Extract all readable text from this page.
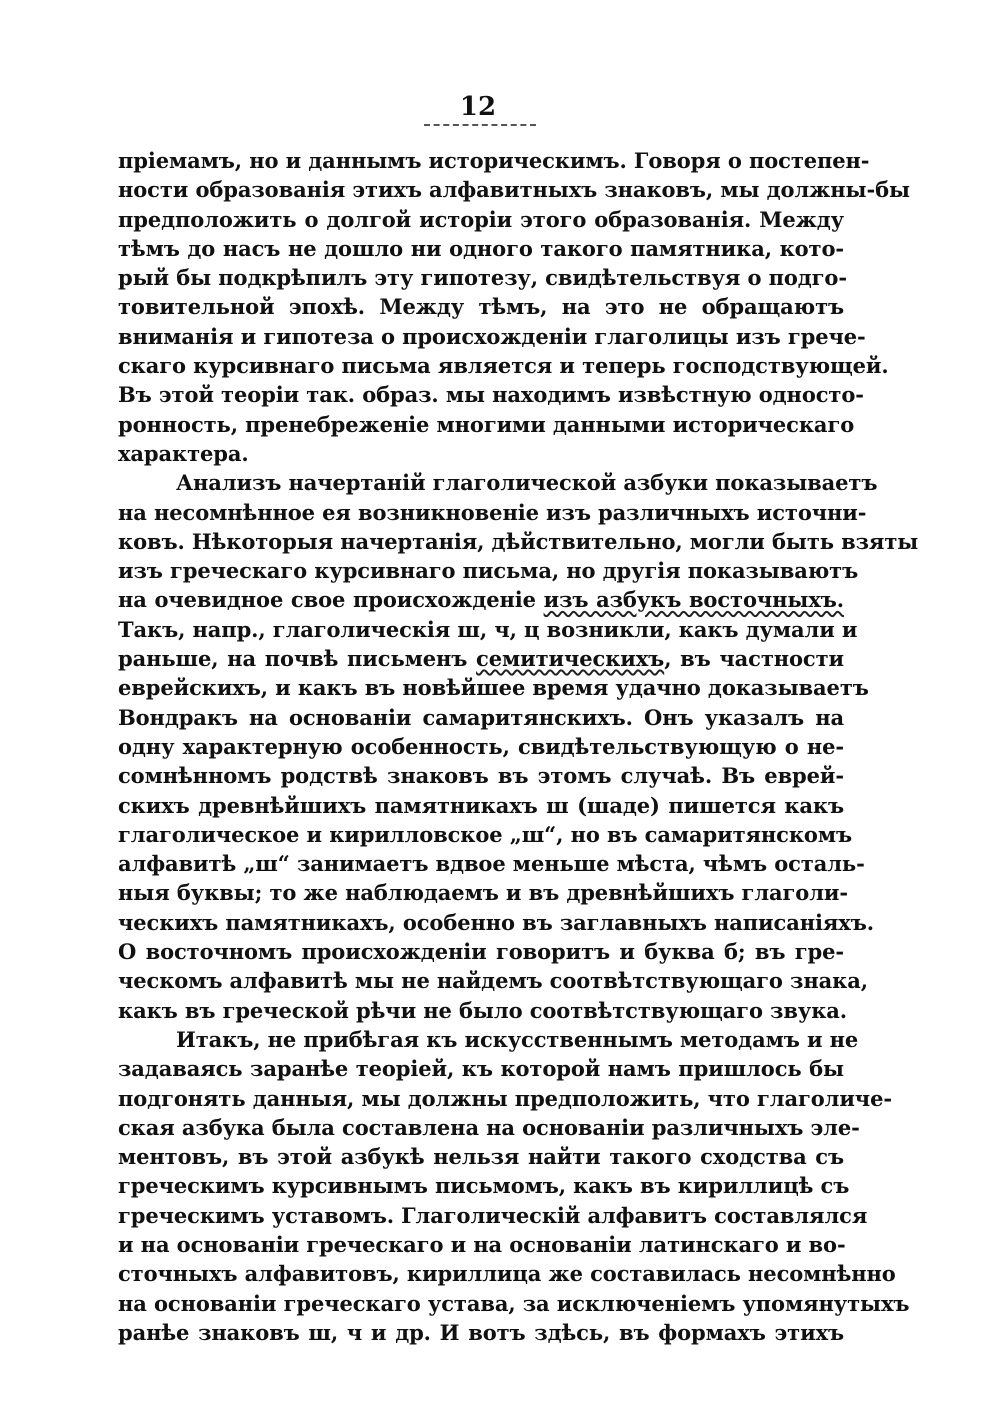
12
пріемамъ, но и даннымъ историческимъ. Говоря о постепен-
ности образованія этихъ алфавитныхъ знаковъ, мы должны-бы
предположить о долгой исторіи этого образованія. Между
тѣмъ до насъ не дошло ни одного такого памятника, кото-
рый бы подкрѣпилъ эту гипотезу, свидѣтельствуя о подго-
товительной эпохѣ. Между тѣмъ, на это не обращаютъ
вниманія и гипотеза о происхожденіи глаголицы изъ грече-
скаго курсивнаго письма является и теперь господствующей.
Въ этой теоріи так. образ. мы находимъ извѣстную односто-
ронность, пренебреженіе многими данными историческаго
характера.
Анализъ начертаній глаголической азбуки показываетъ
на несомнѣнное ея возникновеніе изъ различныхъ источни-
ковъ. Нѣкоторыя начертанія, дѣйствительно, могли быть взяты
изъ греческаго курсивнаго письма, но другія показываютъ
на очевидное свое происхожденіе изъ азбукъ восточныхъ.
Такъ, напр., глаголическія ш, ч, ц возникли, какъ думали и
раньше, на почвѣ письменъ семитическихъ, въ частности
еврейскихъ, и какъ въ новѣйшее время удачно доказываетъ
Вондракъ на основаніи самаритянскихъ. Онъ указалъ на
одну характерную особенность, свидѣтельствующую о не-
сомнѣнномъ родствѣ знаковъ въ этомъ случаѣ. Въ еврей-
скихъ древнѣйшихъ памятникахъ ш (шаде) пишется какъ
глаголическое и кирилловское „ш“, но въ самаритянскомъ
алфавитѣ „ш“ занимаетъ вдвое меньше мѣста, чѣмъ осталь-
ныя буквы; то же наблюдаемъ и въ древнѣйшихъ глаголи-
ческихъ памятникахъ, особенно въ заглавныхъ написаніяхъ.
О восточномъ происхожденіи говоритъ и буква б; въ гре-
ческомъ алфавитѣ мы не найдемъ соотвѣтствующаго знака,
какъ въ греческой рѣчи не было соотвѣтствующаго звука.
Итакъ, не прибѣгая къ искусственнымъ методамъ и не
задаваясь заранѣе теоріей, къ которой намъ пришлось бы
подгонять данныя, мы должны предположить, что глаголиче-
ская азбука была составлена на основаніи различныхъ эле-
ментовъ, въ этой азбукѣ нельзя найти такого сходства съ
греческимъ курсивнымъ письмомъ, какъ въ кириллицѣ съ
греческимъ уставомъ. Глаголическій алфавитъ составлялся
и на основаніи греческаго и на основаніи латинскаго и во-
сточныхъ алфавитовъ, кириллица же составилась несомнѣнно
на основаніи греческаго устава, за исключеніемъ упомянутыхъ
ранѣе знаковъ ш, ч и др. И вотъ здѣсь, въ формахъ этихъ
